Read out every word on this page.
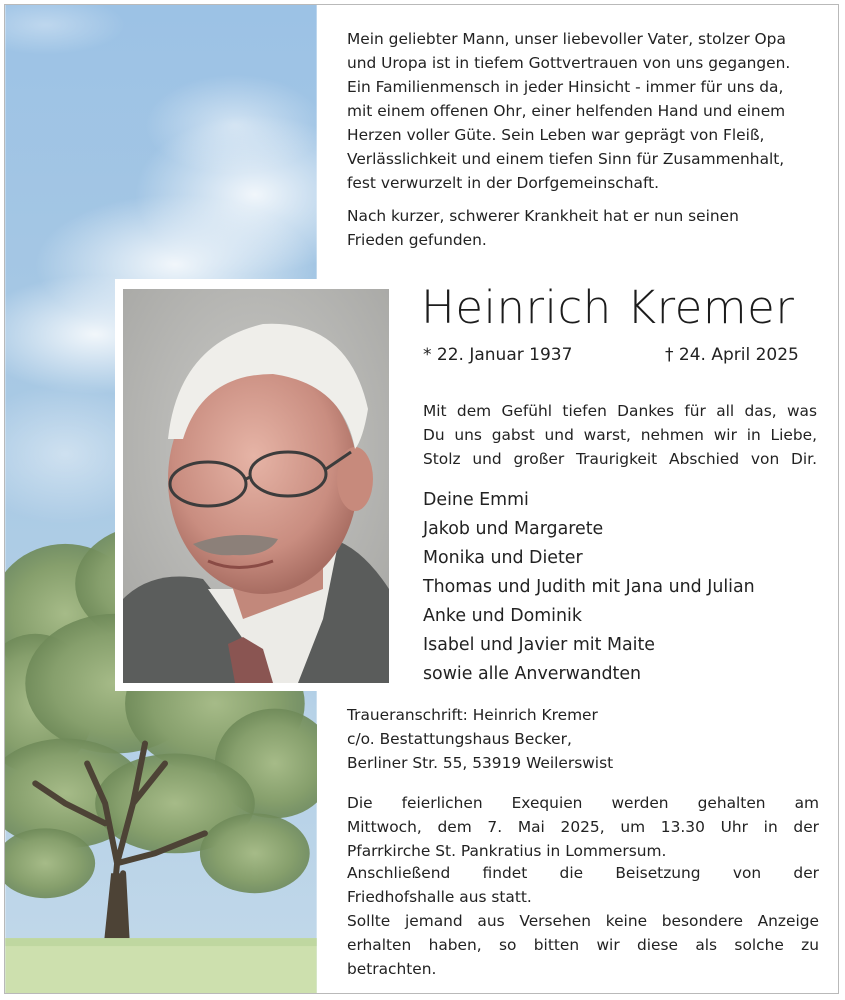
Mein geliebter Mann, unser liebevoller Vater, stolzer Opa
und Uropa ist in tiefem Gottvertrauen von uns gegangen.
Ein Familienmensch in jeder Hinsicht - immer für uns da,
mit einem offenen Ohr, einer helfenden Hand und einem
Herzen voller Güte. Sein Leben war geprägt von Fleiß,
Verlässlichkeit und einem tiefen Sinn für Zusammenhalt,
fest verwurzelt in der Dorfgemeinschaft.
Nach kurzer, schwerer Krankheit hat er nun seinen
Frieden gefunden.
Heinrich Kremer
* 22. Januar 1937	† 24. April 2025
Mit dem Gefühl tiefen Dankes für all das, was
Du uns gabst und warst, nehmen wir in Liebe,
Stolz und großer Traurigkeit Abschied von Dir.
Deine Emmi
Jakob und Margarete
Monika und Dieter
Thomas und Judith mit Jana und Julian
Anke und Dominik
Isabel und Javier mit Maite
sowie alle Anverwandten
Traueranschrift: Heinrich Kremer
c/o. Bestattungshaus Becker,
Berliner Str. 55, 53919 Weilerswist
Die feierlichen Exequien werden gehalten am
Mittwoch, dem 7. Mai 2025, um 13.30 Uhr in der
Pfarrkirche St. Pankratius in Lommersum.
Anschließend findet die Beisetzung von der
Friedhofshalle aus statt.
Sollte jemand aus Versehen keine besondere Anzeige
erhalten haben, so bitten wir diese als solche zu
betrachten.
